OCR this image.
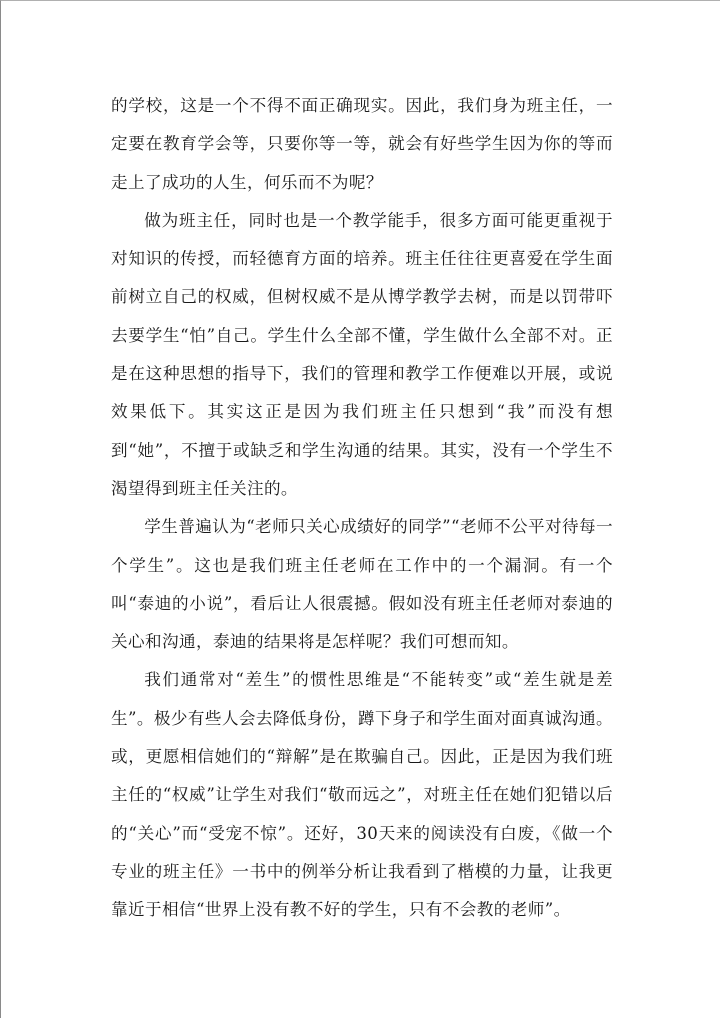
的学校，这是一个不得不面正确现实。因此，我们身为班主任，一定要在教育学会等，只要你等一等，就会有好些学生因为你的等而走上了成功的人生，何乐而不为呢？

做为班主任，同时也是一个教学能手，很多方面可能更重视于对知识的传授，而轻德育方面的培养。班主任往往更喜爱在学生面前树立自己的权威，但树权威不是从博学教学去树，而是以罚带吓去要学生“怕”自己。学生什么全部不懂，学生做什么全部不对。正是在这种思想的指导下，我们的管理和教学工作便难以开展，或说效果低下。其实这正是因为我们班主任只想到“我”而没有想到“她”，不擅于或缺乏和学生沟通的结果。其实，没有一个学生不渴望得到班主任关注的。

学生普遍认为“老师只关心成绩好的同学”“老师不公平对待每一个学生”。这也是我们班主任老师在工作中的一个漏洞。有一个叫“泰迪的小说”，看后让人很震撼。假如没有班主任老师对泰迪的关心和沟通，泰迪的结果将是怎样呢？我们可想而知。

我们通常对“差生”的惯性思维是“不能转变”或“差生就是差生”。极少有些人会去降低身份，蹲下身子和学生面对面真诚沟通。或，更愿相信她们的“辩解”是在欺骗自己。因此，正是因为我们班主任的“权威”让学生对我们“敬而远之”，对班主任在她们犯错以后的“关心”而“受宠不惊”。还好，30天来的阅读没有白废，《做一个专业的班主任》一书中的例举分析让我看到了楷模的力量，让我更靠近于相信“世界上没有教不好的学生，只有不会教的老师”。
